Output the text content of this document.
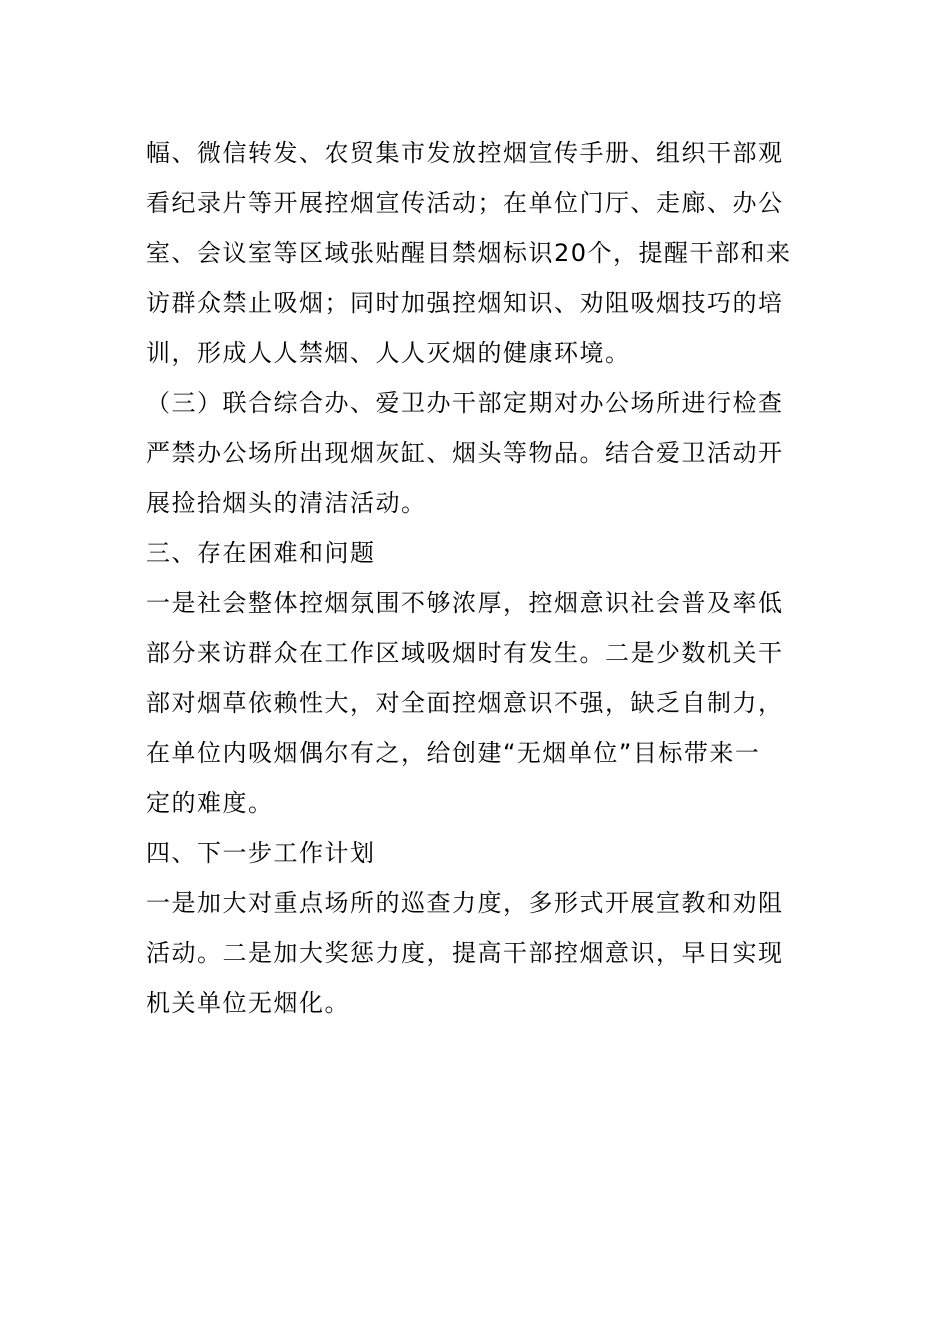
幅、微信转发、农贸集市发放控烟宣传手册、组织干部观
看纪录片等开展控烟宣传活动；在单位门厅、走廊、办公
室、会议室等区域张贴醒目禁烟标识20个，提醒干部和来
访群众禁止吸烟；同时加强控烟知识、劝阻吸烟技巧的培
训，形成人人禁烟、人人灭烟的健康环境。
（三）联合综合办、爱卫办干部定期对办公场所进行检查
严禁办公场所出现烟灰缸、烟头等物品。结合爱卫活动开
展捡拾烟头的清洁活动。
三、存在困难和问题
一是社会整体控烟氛围不够浓厚，控烟意识社会普及率低
部分来访群众在工作区域吸烟时有发生。二是少数机关干
部对烟草依赖性大，对全面控烟意识不强，缺乏自制力，
在单位内吸烟偶尔有之，给创建“无烟单位”目标带来一
定的难度。
四、下一步工作计划
一是加大对重点场所的巡查力度，多形式开展宣教和劝阻
活动。二是加大奖惩力度，提高干部控烟意识，早日实现
机关单位无烟化。
